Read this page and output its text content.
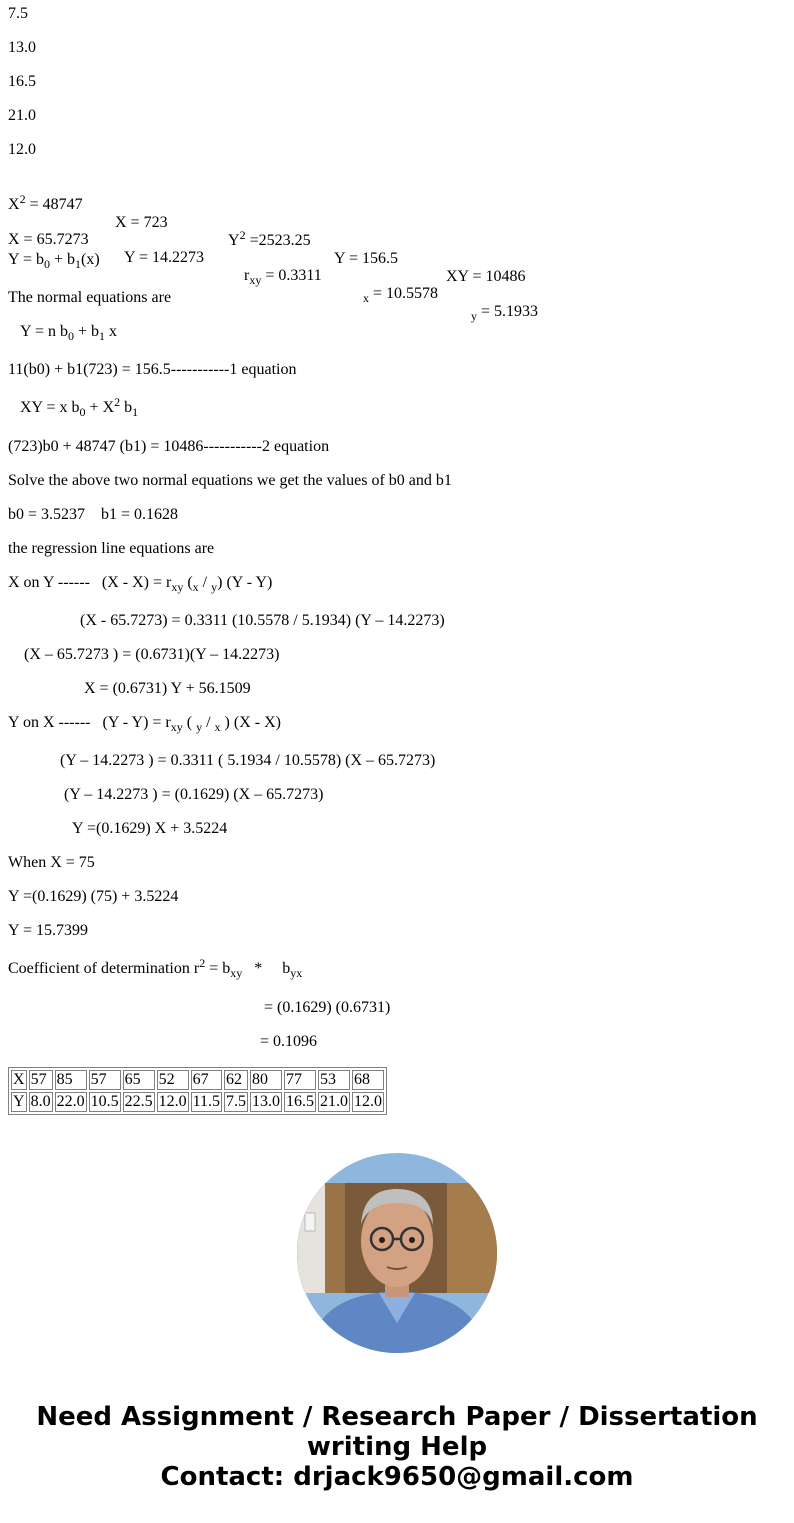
7.5
13.0
16.5
21.0
12.0

$X^2 = 48747$

X = 723

$Y^2 =2523.25$

Y = 156.5

XY = 10486

X = 65.7273

Y = 14.2273

$r_{xy} = 0.3311$

$_x$ = 10.5578

$_y$ = 5.1933

$Y = b_0 + b_1(x)$
The normal equations are
Y = n $b_0 + b_1$ x
11(b0) + b1(723) = 156.5-----------1 equation
XY = x $b_0 + X^2$ $b_1$
(723)b0 + 48747 (b1) = 10486-----------2 equation
Solve the above two normal equations we get the values of b0 and b1
b0 = 3.5237    b1 = 0.1628
the regression line equations are
X on Y ------   $(X - X) = r_{xy}$ $(_x / _y)$ (Y - Y)
(X - 65.7273) = 0.3311 (10.5578 / 5.1934) (Y – 14.2273)
(X – 65.7273 ) = (0.6731)(Y – 14.2273)
X = (0.6731) Y + 56.1509
Y on X ------   $(Y - Y) = r_{xy}$ ( $_y$ / $_x$ ) (X - X)
(Y – 14.2273 ) = 0.3311 ( 5.1934 / 10.5578) (X – 65.7273)
(Y – 14.2273 ) = (0.1629) (X – 65.7273)
Y =(0.1629) X + 3.5224
When X = 75
Y =(0.1629) (75) + 3.5224
Y = 15.7399
Coefficient of determination $r^2 = b_{xy}$   *     $b_{yx}$
= (0.1629) (0.6731)
= 0.1096
X	57	85	57	65	52	67	62	80	77	53	68
Y	8.0	22.0	10.5	22.5	12.0	11.5	7.5	13.0	16.5	21.0	12.0
Need Assignment / Research Paper / Dissertation
writing Help
Contact: drjack9650@gmail.com
